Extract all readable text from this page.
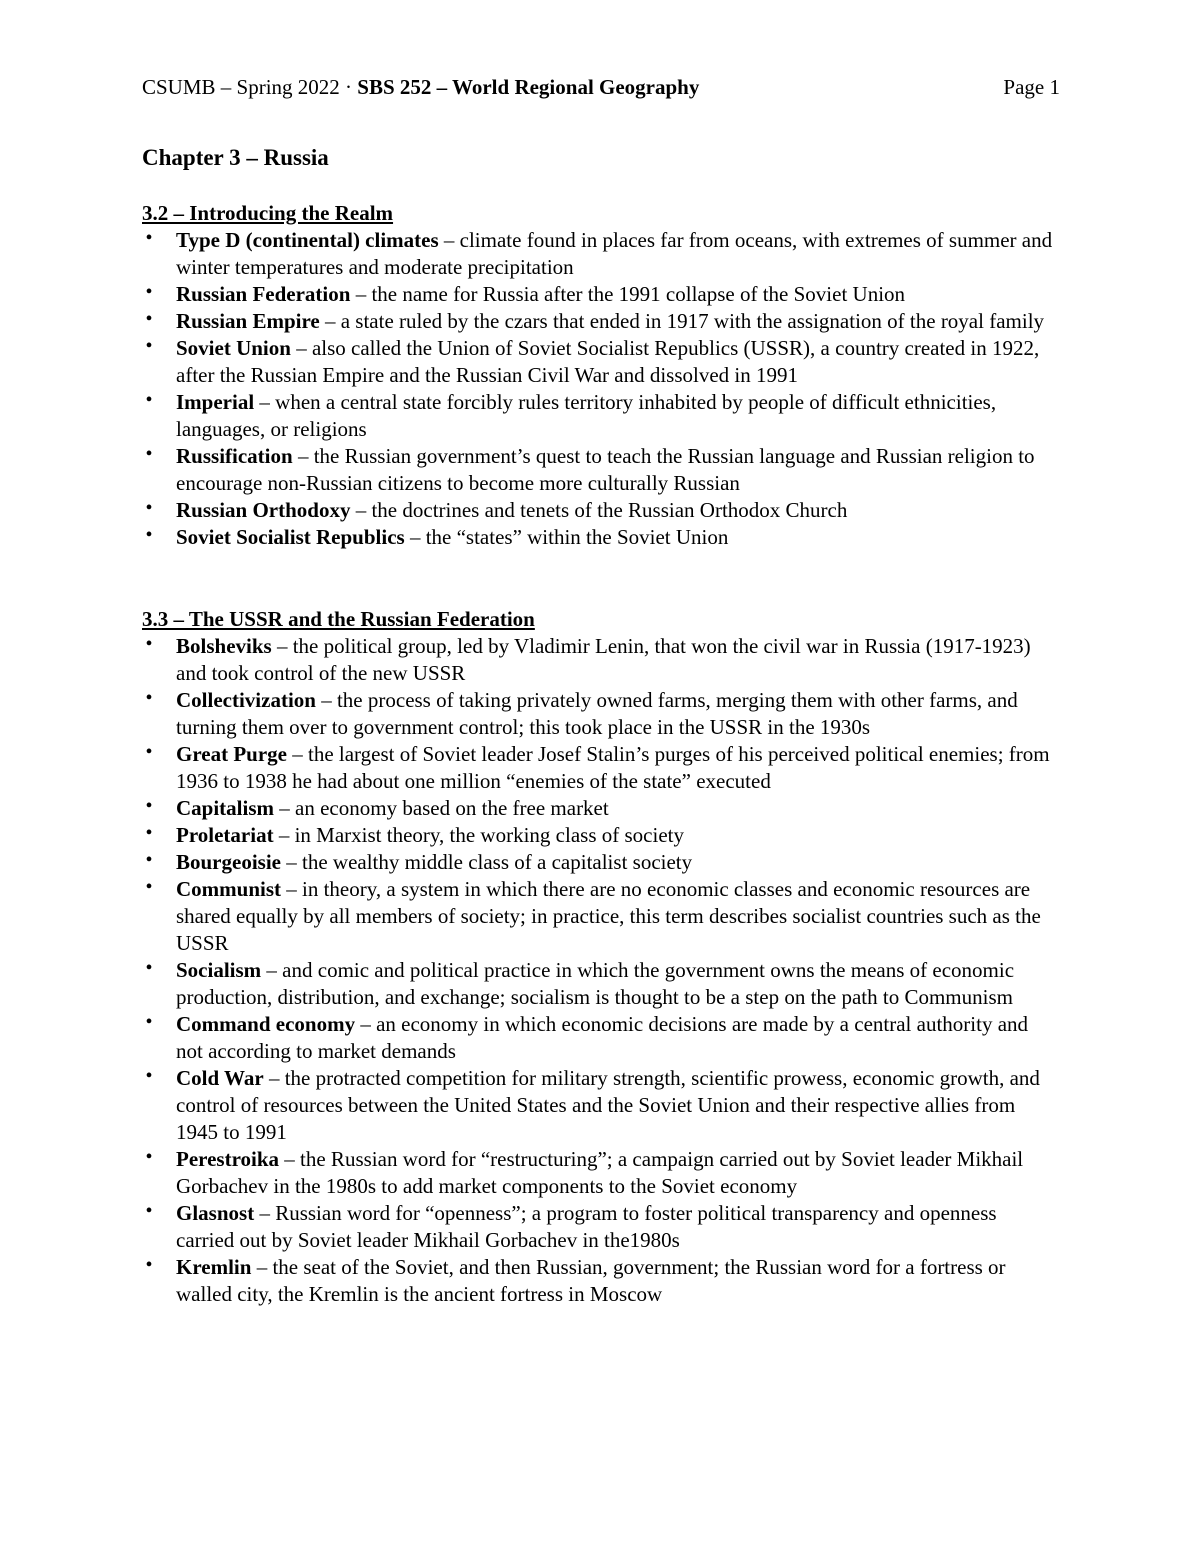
CSUMB – Spring 2022 · SBS 252 – World Regional Geography	Page 1
Chapter 3 – Russia
3.2 – Introducing the Realm
• Type D (continental) climates – climate found in places far from oceans, with extremes of summer and winter temperatures and moderate precipitation
• Russian Federation – the name for Russia after the 1991 collapse of the Soviet Union
• Russian Empire – a state ruled by the czars that ended in 1917 with the assignation of the royal family
• Soviet Union – also called the Union of Soviet Socialist Republics (USSR), a country created in 1922, after the Russian Empire and the Russian Civil War and dissolved in 1991
• Imperial – when a central state forcibly rules territory inhabited by people of difficult ethnicities, languages, or religions
• Russification – the Russian government’s quest to teach the Russian language and Russian religion to encourage non-Russian citizens to become more culturally Russian
• Russian Orthodoxy – the doctrines and tenets of the Russian Orthodox Church
• Soviet Socialist Republics – the “states” within the Soviet Union
3.3 – The USSR and the Russian Federation
• Bolsheviks – the political group, led by Vladimir Lenin, that won the civil war in Russia (1917-1923) and took control of the new USSR
• Collectivization – the process of taking privately owned farms, merging them with other farms, and turning them over to government control; this took place in the USSR in the 1930s
• Great Purge – the largest of Soviet leader Josef Stalin’s purges of his perceived political enemies; from 1936 to 1938 he had about one million “enemies of the state” executed
• Capitalism – an economy based on the free market
• Proletariat – in Marxist theory, the working class of society
• Bourgeoisie – the wealthy middle class of a capitalist society
• Communist – in theory, a system in which there are no economic classes and economic resources are shared equally by all members of society; in practice, this term describes socialist countries such as the USSR
• Socialism – and comic and political practice in which the government owns the means of economic production, distribution, and exchange; socialism is thought to be a step on the path to Communism
• Command economy – an economy in which economic decisions are made by a central authority and not according to market demands
• Cold War – the protracted competition for military strength, scientific prowess, economic growth, and control of resources between the United States and the Soviet Union and their respective allies from 1945 to 1991
• Perestroika – the Russian word for “restructuring”; a campaign carried out by Soviet leader Mikhail Gorbachev in the 1980s to add market components to the Soviet economy
• Glasnost – Russian word for “openness”; a program to foster political transparency and openness carried out by Soviet leader Mikhail Gorbachev in the1980s
• Kremlin – the seat of the Soviet, and then Russian, government; the Russian word for a fortress or walled city, the Kremlin is the ancient fortress in Moscow
